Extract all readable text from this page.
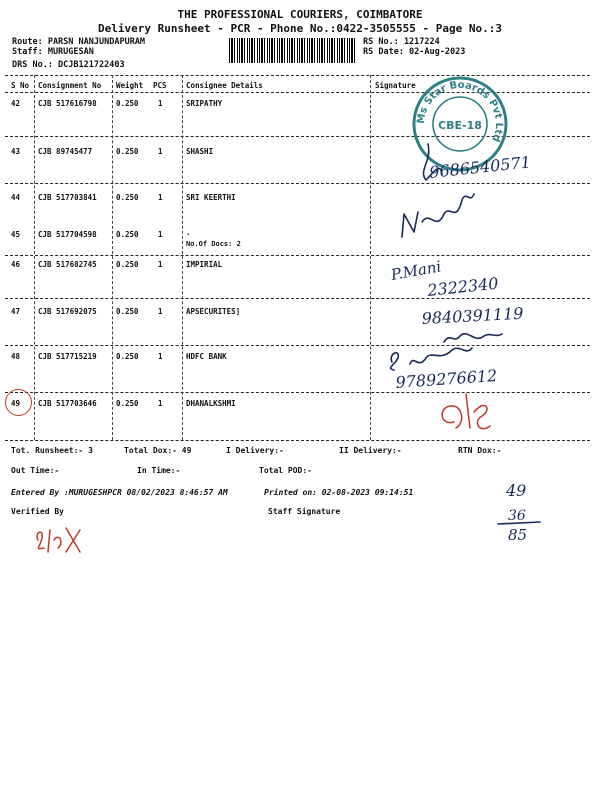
THE PROFESSIONAL COURIERS, COIMBATORE
Delivery Runsheet - PCR - Phone No.:0422-3505555 - Page No.:3
Route: PARSN NANJUNDAPURAM
Staff: MURUGESAN
DRS No.: DCJB121722403
RS No.: 1217224
RS Date: 02-Aug-2023
S No Consignment No Weight PCS	Consignee Details	Signature
42 CJB 517616798	0.250	1	SRIPATHY
43 CJB 89745477	0.250	1	SHASHI
44 CJB 517703841	0.250	1	SRI KEERTHI
45 CJB 517704598	0.250	1	.
No.Of Docs: 2
46 CJB 517682745	0.250	1	IMPIRIAL
47 CJB 517692075	0.250	1	APSECURITES]
48 CJB 517715219	0.250	1	HDFC BANK
49 CJB 517703646	0.250	1	DHANALKSHMI
Ms Star Boards Pvt Ltd
CBE-18
9686540571
P.Mani
2322340
9840391119
9789276612
Tot. Runsheet:- 3	Total Dox:- 49	I Delivery:-	II Delivery:-	RTN Dox:-
Out Time:-	In Time:-	Total POD:-
Entered By :MURUGESHPCR 08/02/2023 8:46:57 AM	Printed on: 02-08-2023 09:14:51
Verified By	Staff Signature
49
36
85
